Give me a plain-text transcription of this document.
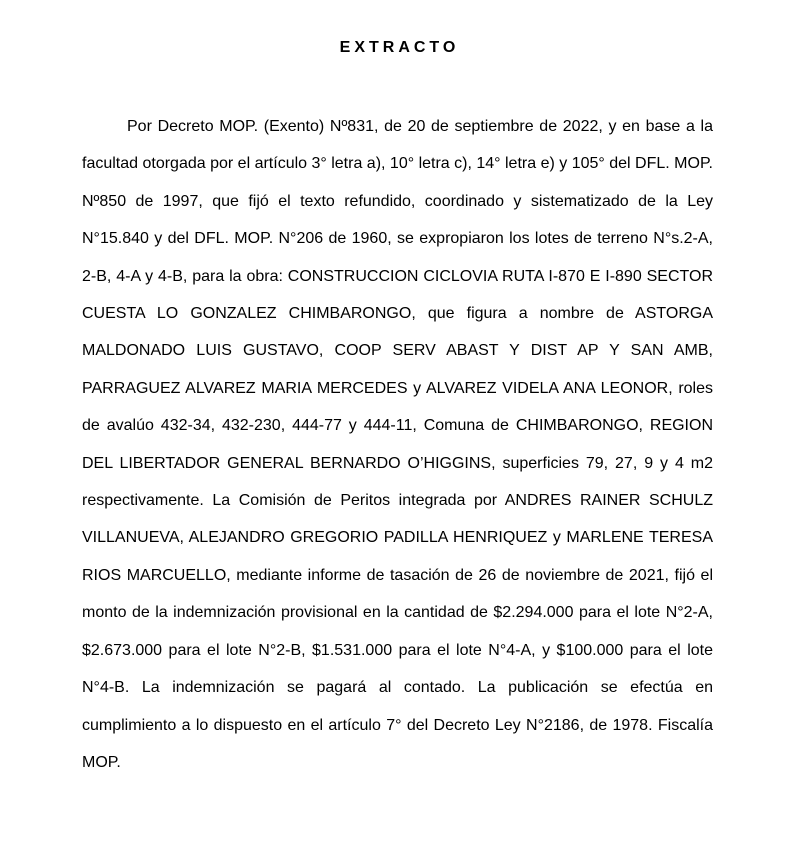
EXTRACTO

Por Decreto MOP. (Exento) Nº831, de 20 de septiembre de 2022, y en base a la facultad otorgada por el artículo 3° letra a), 10° letra c), 14° letra e) y 105° del DFL. MOP. Nº850 de 1997, que fijó el texto refundido, coordinado y sistematizado de la Ley N°15.840 y del DFL. MOP. N°206 de 1960, se expropiaron los lotes de terreno N°s.2-A, 2-B, 4-A y 4-B, para la obra: CONSTRUCCION CICLOVIA RUTA I-870 E I-890 SECTOR CUESTA LO GONZALEZ CHIMBARONGO, que figura a nombre de ASTORGA MALDONADO LUIS GUSTAVO, COOP SERV ABAST Y DIST AP Y SAN AMB, PARRAGUEZ ALVAREZ MARIA MERCEDES y ALVAREZ VIDELA ANA LEONOR, roles de avalúo 432-34, 432-230, 444-77 y 444-11, Comuna de CHIMBARONGO, REGION DEL LIBERTADOR GENERAL BERNARDO O’HIGGINS, superficies 79, 27, 9 y 4 m2 respectivamente. La Comisión de Peritos integrada por ANDRES RAINER SCHULZ VILLANUEVA, ALEJANDRO GREGORIO PADILLA HENRIQUEZ y MARLENE TERESA RIOS MARCUELLO, mediante informe de tasación de 26 de noviembre de 2021, fijó el monto de la indemnización provisional en la cantidad de $2.294.000 para el lote N°2-A, $2.673.000 para el lote N°2-B, $1.531.000 para el lote N°4-A, y $100.000 para el lote N°4-B. La indemnización se pagará al contado. La publicación se efectúa en cumplimiento a lo dispuesto en el artículo 7° del Decreto Ley N°2186, de 1978. Fiscalía MOP.
